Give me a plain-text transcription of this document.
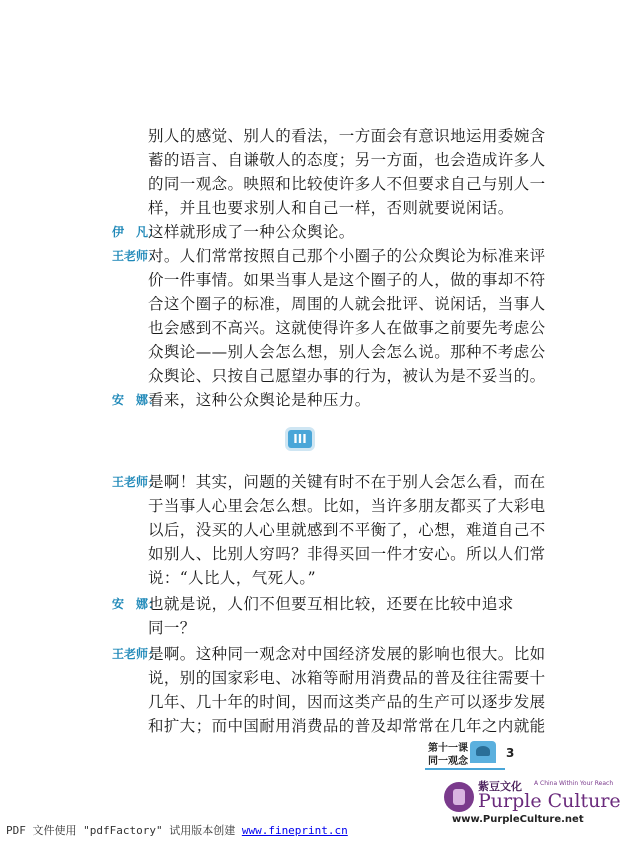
别人的感觉、别人的看法，一方面会有意识地运用委婉含
蓄的语言、自谦敬人的态度；另一方面，也会造成许多人
的同一观念。映照和比较使许多人不但要求自己与别人一
样，并且也要求别人和自己一样，否则就要说闲话。
伊　凡：
这样就形成了一种公众舆论。
王老师：
对。人们常常按照自己那个小圈子的公众舆论为标准来评
价一件事情。如果当事人是这个圈子的人，做的事却不符
合这个圈子的标准，周围的人就会批评、说闲话，当事人
也会感到不高兴。这就使得许多人在做事之前要先考虑公
众舆论——别人会怎么想，别人会怎么说。那种不考虑公
众舆论、只按自己愿望办事的行为，被认为是不妥当的。
安　娜：
看来，这种公众舆论是种压力。
III
王老师：
是啊！其实，问题的关键有时不在于别人会怎么看，而在
于当事人心里会怎么想。比如，当许多朋友都买了大彩电
以后，没买的人心里就感到不平衡了，心想，难道自己不
如别人、比别人穷吗？非得买回一件才安心。所以人们常
说：“人比人，气死人。”
安　娜：
也就是说，人们不但要互相比较，还要在比较中追求
同一？
王老师：
是啊。这种同一观念对中国经济发展的影响也很大。比如
说，别的国家彩电、冰箱等耐用消费品的普及往往需要十
几年、几十年的时间，因而这类产品的生产可以逐步发展
和扩大；而中国耐用消费品的普及却常常在几年之内就能
第十一课
同一观念
3
紫豆文化 A China Within Your Reach
Purple Culture
www.PurpleCulture.net
PDF 文件使用 "pdfFactory" 试用版本创建 www.fineprint.cn
